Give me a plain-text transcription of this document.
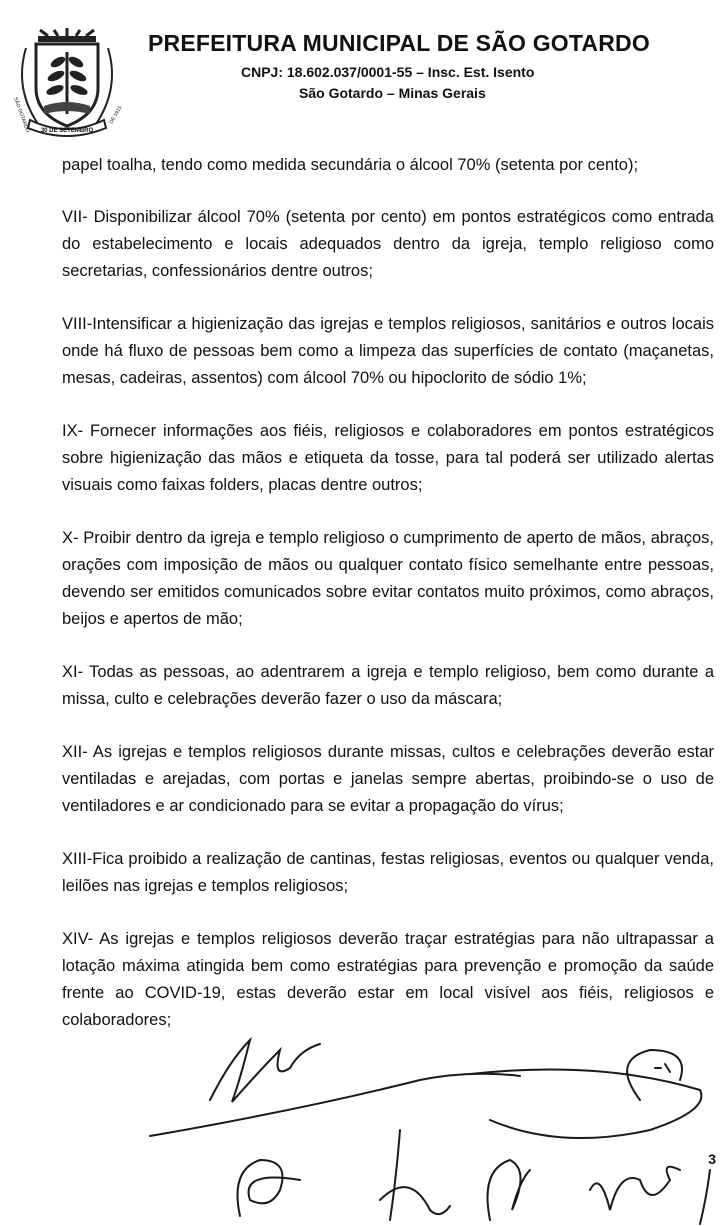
30 DE SETEMBRO
SÃO GOTARDO	DE 1915
PREFEITURA MUNICIPAL DE SÃO GOTARDO
CNPJ: 18.602.037/0001-55 – Insc. Est. Isento
São Gotardo – Minas Gerais

papel toalha, tendo como medida secundária o álcool 70% (setenta por cento);

VII- Disponibilizar álcool 70% (setenta por cento) em pontos estratégicos como entrada do estabelecimento e locais adequados dentro da igreja, templo religioso como secretarias, confessionários dentre outros;

VIII-Intensificar a higienização das igrejas e templos religiosos, sanitários e outros locais onde há fluxo de pessoas bem como a limpeza das superfícies de contato (maçanetas, mesas, cadeiras, assentos) com álcool 70% ou hipoclorito de sódio 1%;

IX- Fornecer informações aos fiéis, religiosos e colaboradores em pontos estratégicos sobre higienização das mãos e etiqueta da tosse, para tal poderá ser utilizado alertas visuais como faixas folders, placas dentre outros;

X- Proibir dentro da igreja e templo religioso o cumprimento de aperto de mãos, abraços, orações com imposição de mãos ou qualquer contato físico semelhante entre pessoas, devendo ser emitidos comunicados sobre evitar contatos muito próximos, como abraços, beijos e apertos de mão;

XI- Todas as pessoas, ao adentrarem a igreja e templo religioso, bem como durante a missa, culto e celebrações deverão fazer o uso da máscara;

XII- As igrejas e templos religiosos durante missas, cultos e celebrações deverão estar ventiladas e arejadas, com portas e janelas sempre abertas, proibindo-se o uso de ventiladores e ar condicionado para se evitar a propagação do vírus;

XIII-Fica proibido a realização de cantinas, festas religiosas, eventos ou qualquer venda, leilões nas igrejas e templos religiosos;

XIV- As igrejas e templos religiosos deverão traçar estratégias para não ultrapassar a lotação máxima atingida bem como estratégias para prevenção e promoção da saúde frente ao COVID-19, estas deverão estar em local visível aos fiéis, religiosos e colaboradores;

3
